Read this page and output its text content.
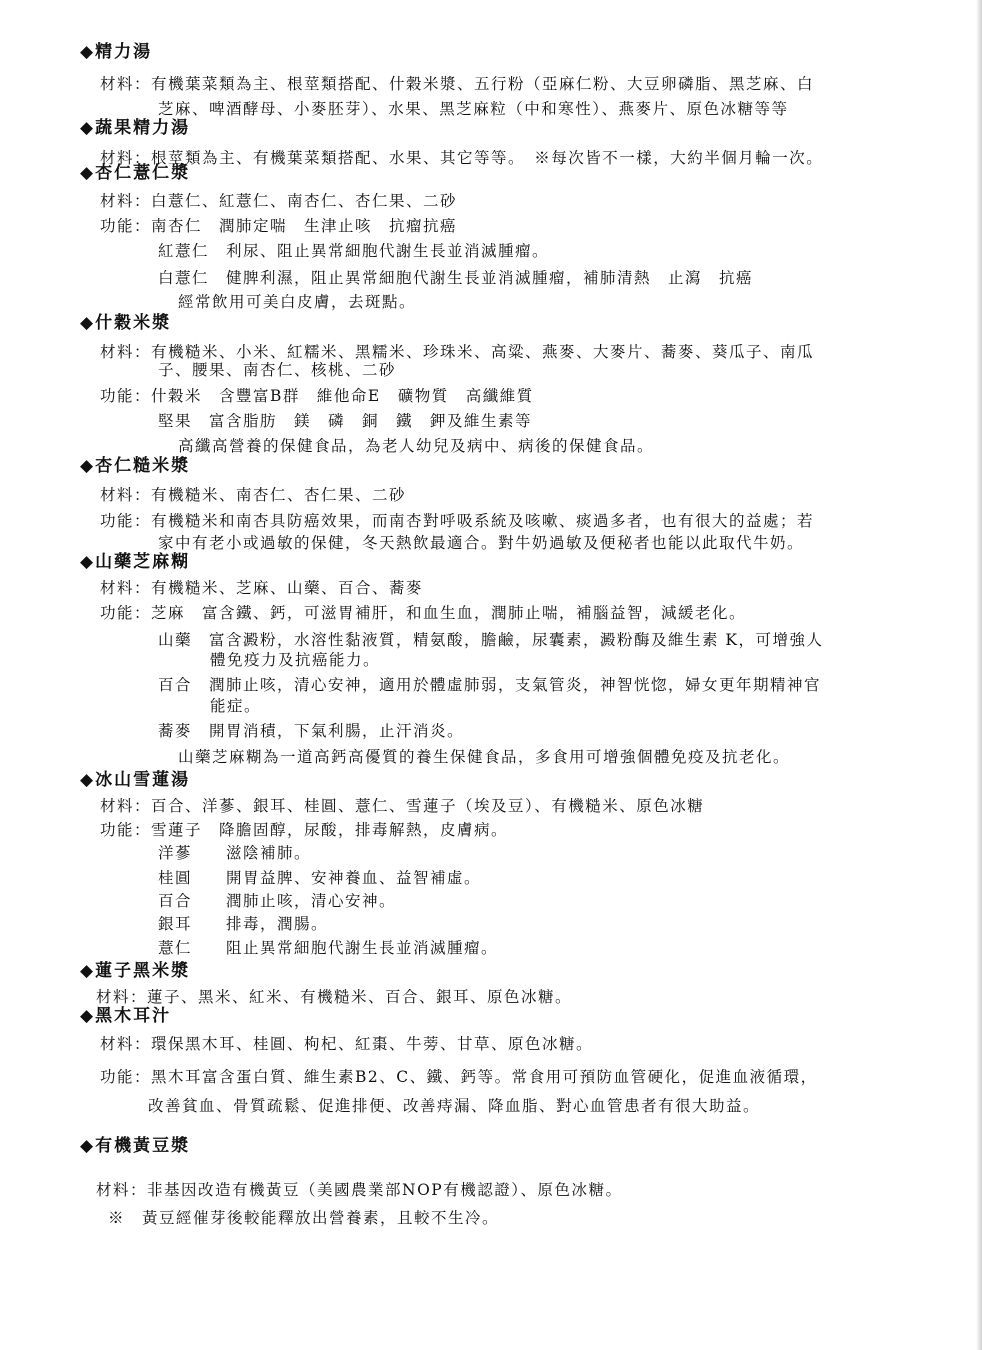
◆精力湯
材料：有機葉菜類為主、根莖類搭配、什穀米漿、五行粉（亞麻仁粉、大豆卵磷脂、黑芝麻、白
芝麻、啤酒酵母、小麥胚芽）、水果、黑芝麻粒（中和寒性）、燕麥片、原色冰糖等等
◆蔬果精力湯
材料：根莖類為主、有機葉菜類搭配、水果、其它等等。　※每次皆不一樣，大約半個月輪一次。
◆杏仁薏仁漿
材料：白薏仁、紅薏仁、南杏仁、杏仁果、二砂
功能：南杏仁　潤肺定喘　生津止咳　抗瘤抗癌
紅薏仁　利尿、阻止異常細胞代謝生長並消滅腫瘤。
白薏仁　健脾利濕，阻止異常細胞代謝生長並消滅腫瘤，補肺清熱　止瀉　抗癌
經常飲用可美白皮膚，去斑點。
◆什穀米漿
材料：有機糙米、小米、紅糯米、黑糯米、珍珠米、高粱、燕麥、大麥片、蕎麥、葵瓜子、南瓜
子、腰果、南杏仁、核桃、二砂
功能：什穀米　含豐富B群　維他命E　礦物質　高纖維質
堅果　富含脂肪　鎂　磷　銅　鐵　鉀及維生素等
高纖高營養的保健食品，為老人幼兒及病中、病後的保健食品。
◆杏仁糙米漿
材料：有機糙米、南杏仁、杏仁果、二砂
功能：有機糙米和南杏具防癌效果，而南杏對呼吸系統及咳嗽、痰過多者，也有很大的益處；若
家中有老小或過敏的保健，冬天熱飲最適合。對牛奶過敏及便秘者也能以此取代牛奶。
◆山藥芝麻糊
材料：有機糙米、芝麻、山藥、百合、蕎麥
功能：芝麻　富含鐵、鈣，可滋胃補肝，和血生血，潤肺止喘，補腦益智，減緩老化。
山藥　富含澱粉，水溶性黏液質，精氨酸，膽鹼，尿囊素，澱粉酶及維生素 K，可增強人
體免疫力及抗癌能力。
百合　潤肺止咳，清心安神，適用於體虛肺弱，支氣管炎，神智恍惚，婦女更年期精神官
能症。
蕎麥　開胃消積，下氣利腸，止汗消炎。
山藥芝麻糊為一道高鈣高優質的養生保健食品，多食用可增強個體免疫及抗老化。
◆冰山雪蓮湯
材料：百合、洋蔘、銀耳、桂圓、薏仁、雪蓮子（埃及豆）、有機糙米、原色冰糖
功能：雪蓮子　降膽固醇，尿酸，排毒解熱，皮膚病。
洋蔘　　滋陰補肺。
桂圓　　開胃益脾、安神養血、益智補虛。
百合　　潤肺止咳，清心安神。
銀耳　　排毒，潤腸。
薏仁　　阻止異常細胞代謝生長並消滅腫瘤。
◆蓮子黑米漿
材料：蓮子、黑米、紅米、有機糙米、百合、銀耳、原色冰糖。
◆黑木耳汁
材料：環保黑木耳、桂圓、枸杞、紅棗、牛蒡、甘草、原色冰糖。
功能：黑木耳富含蛋白質、維生素B2、C、鐵、鈣等。常食用可預防血管硬化，促進血液循環，
改善貧血、骨質疏鬆、促進排便、改善痔漏、降血脂、對心血管患者有很大助益。
◆有機黃豆漿
材料：非基因改造有機黃豆（美國農業部NOP有機認證）、原色冰糖。
※　黃豆經催芽後較能釋放出營養素，且較不生冷。
